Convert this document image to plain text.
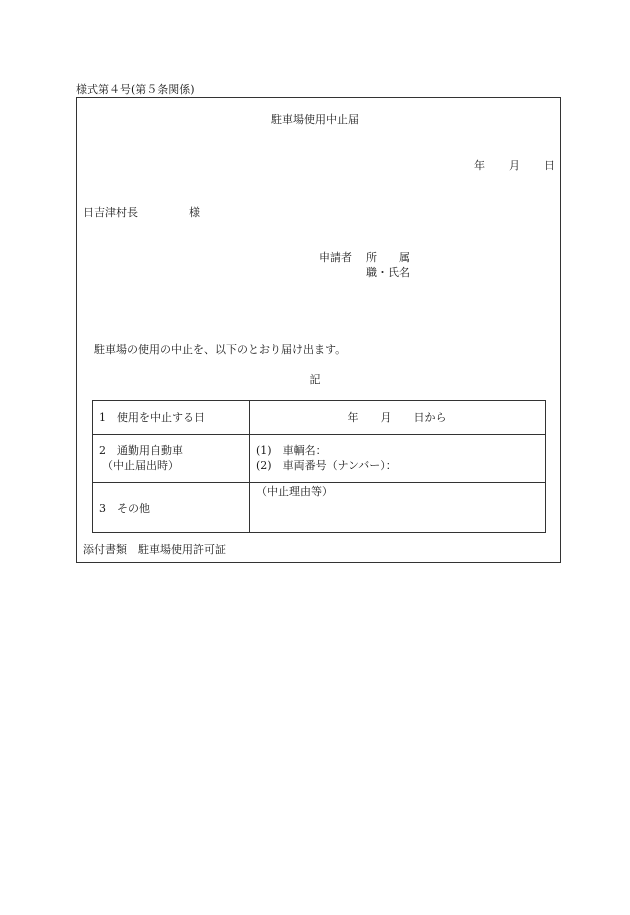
様式第４号(第５条関係)
駐車場使用中止届
年 月 日
日吉津村長	様
申請者 所　　属
職・氏名
駐車場の使用の中止を、以下のとおり届け出ます。
記
1　使用を中止する日	年　　月　　日から
2　通勤用自動車
（中止届出時）
(1)　車輌名：
(2)　車両番号（ナンバー）：
3　その他
（中止理由等）
添付書類　駐車場使用許可証
